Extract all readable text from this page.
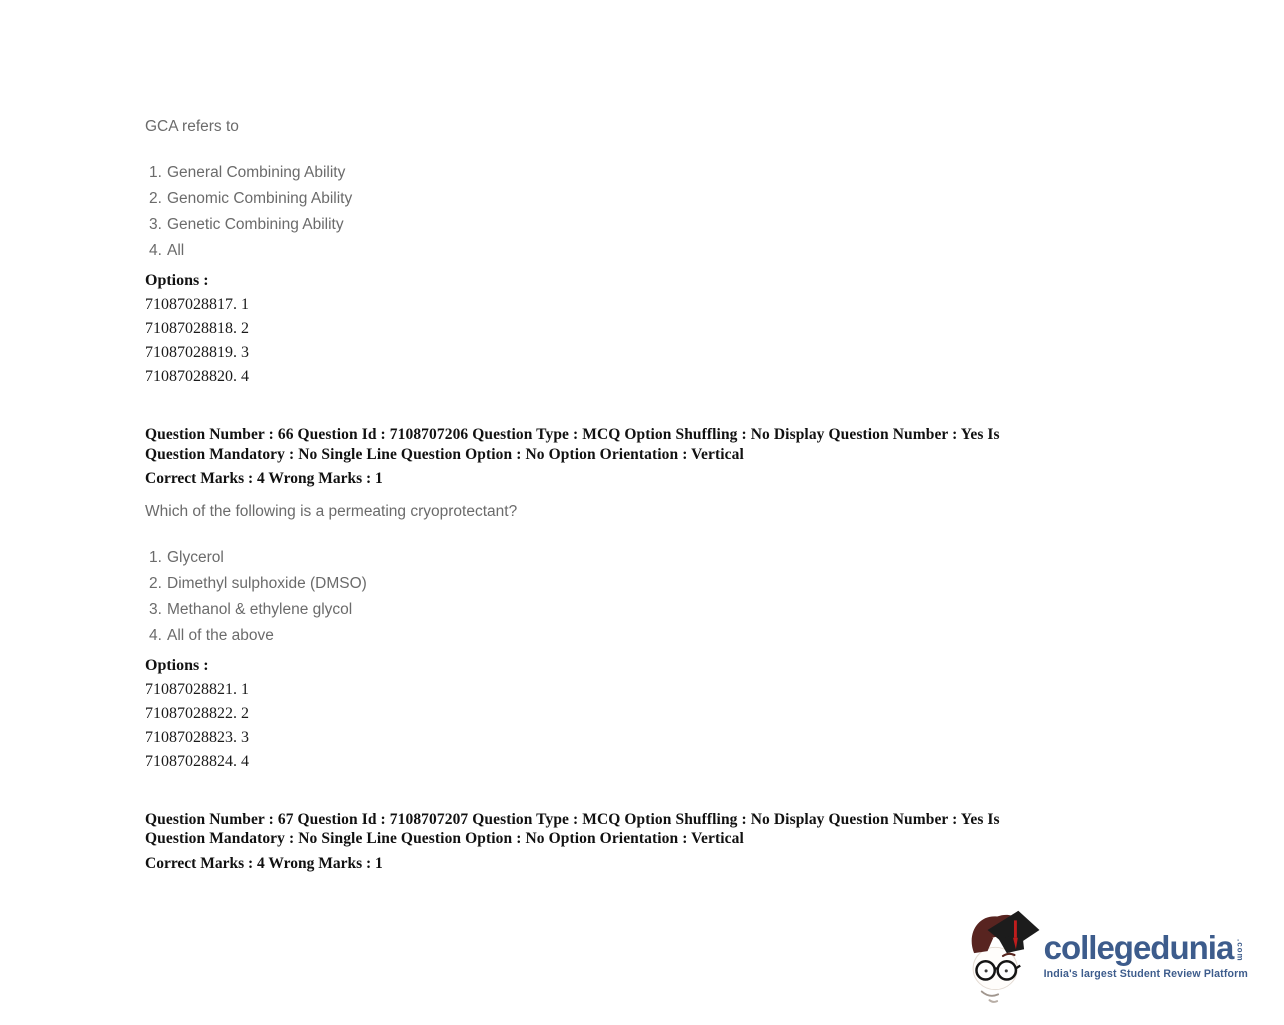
GCA refers to

General Combining Ability
Genomic Combining Ability
Genetic Combining Ability
All

Options :

71087028817. 1

71087028818. 2

71087028819. 3

71087028820. 4

Question Number : 66 Question Id : 7108707206 Question Type : MCQ Option Shuffling : No Display Question Number : Yes Is

Question Mandatory : No Single Line Question Option : No Option Orientation : Vertical

Correct Marks : 4 Wrong Marks : 1

Which of the following is a permeating cryoprotectant?

Glycerol
Dimethyl sulphoxide (DMSO)
Methanol & ethylene glycol
All of the above

Options :

71087028821. 1

71087028822. 2

71087028823. 3

71087028824. 4

Question Number : 67 Question Id : 7108707207 Question Type : MCQ Option Shuffling : No Display Question Number : Yes Is

Question Mandatory : No Single Line Question Option : No Option Orientation : Vertical

Correct Marks : 4 Wrong Marks : 1

collegedunia .com
India's largest Student Review Platform
